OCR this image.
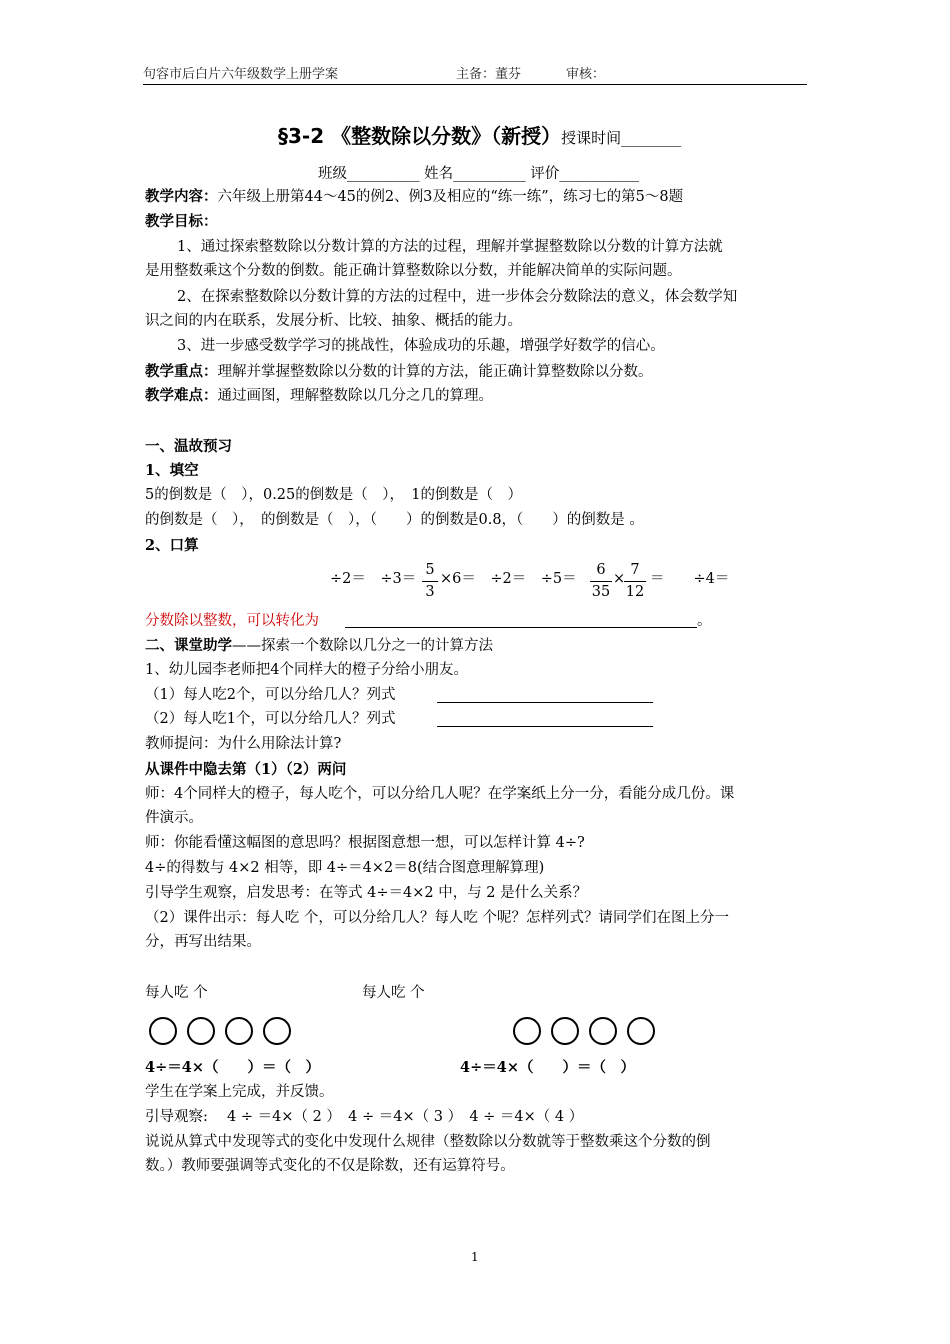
句容市后白片六年级数学上册学案	主备：董芬	审核：
§3-2 《整数除以分数》（新授）授课时间________
班级__________ 姓名__________ 评价___________
教学内容：六年级上册第44～45的例2、例3及相应的“练一练”，练习七的第5～8题
教学目标：
1、通过探索整数除以分数计算的方法的过程，理解并掌握整数除以分数的计算方法就
是用整数乘这个分数的倒数。能正确计算整数除以分数，并能解决简单的实际问题。
2、在探索整数除以分数计算的方法的过程中，进一步体会分数除法的意义，体会数学知
识之间的内在联系，发展分析、比较、抽象、概括的能力。
3、进一步感受数学学习的挑战性，体验成功的乐趣，增强学好数学的信心。
教学重点：理解并掌握整数除以分数的计算的方法，能正确计算整数除以分数。
教学难点：通过画图，理解整数除以几分之几的算理。
一、温故预习
1、填空
5的倒数是（　），0.25的倒数是（　），　1的倒数是（　）
的倒数是（　），　的倒数是（　），（　　）的倒数是0.8，（　　）的倒数是 。
2、口算
÷2＝　÷3＝
5
3
×6＝　÷2＝　÷5＝
6
35
×
7
12
＝　　÷4＝
分数除以整数，可以转化为	。
二、课堂助学——探索一个数除以几分之一的计算方法
1、幼儿园李老师把4个同样大的橙子分给小朋友。
（1）每人吃2个，可以分给几人？列式
（2）每人吃1个，可以分给几人？列式
教师提问：为什么用除法计算?
从课件中隐去第（1）（2）两问
师：4个同样大的橙子，每人吃个，可以分给几人呢？在学案纸上分一分，看能分成几份。课
件演示。
师：你能看懂这幅图的意思吗？根据图意想一想，可以怎样计算 4÷?
4÷的得数与 4×2 相等，即 4÷＝4×2＝8(结合图意理解算理)
引导学生观察，启发思考：在等式 4÷＝4×2 中，与 2 是什么关系？
（2）课件出示：每人吃 个，可以分给几人？每人吃 个呢？怎样列式？请同学们在图上分一
分，再写出结果。
每人吃 个	每人吃 个
4÷＝4×（　　）＝（　）	4÷＝4×（　　）＝（　）
学生在学案上完成，并反馈。
引导观察:　 4 ÷ ＝4×（ 2 ）　4 ÷ ＝4×（ 3 ）　4 ÷ ＝4×（ 4 ）
说说从算式中发现等式的变化中发现什么规律（整数除以分数就等于整数乘这个分数的倒
数。）教师要强调等式变化的不仅是除数，还有运算符号。
1
